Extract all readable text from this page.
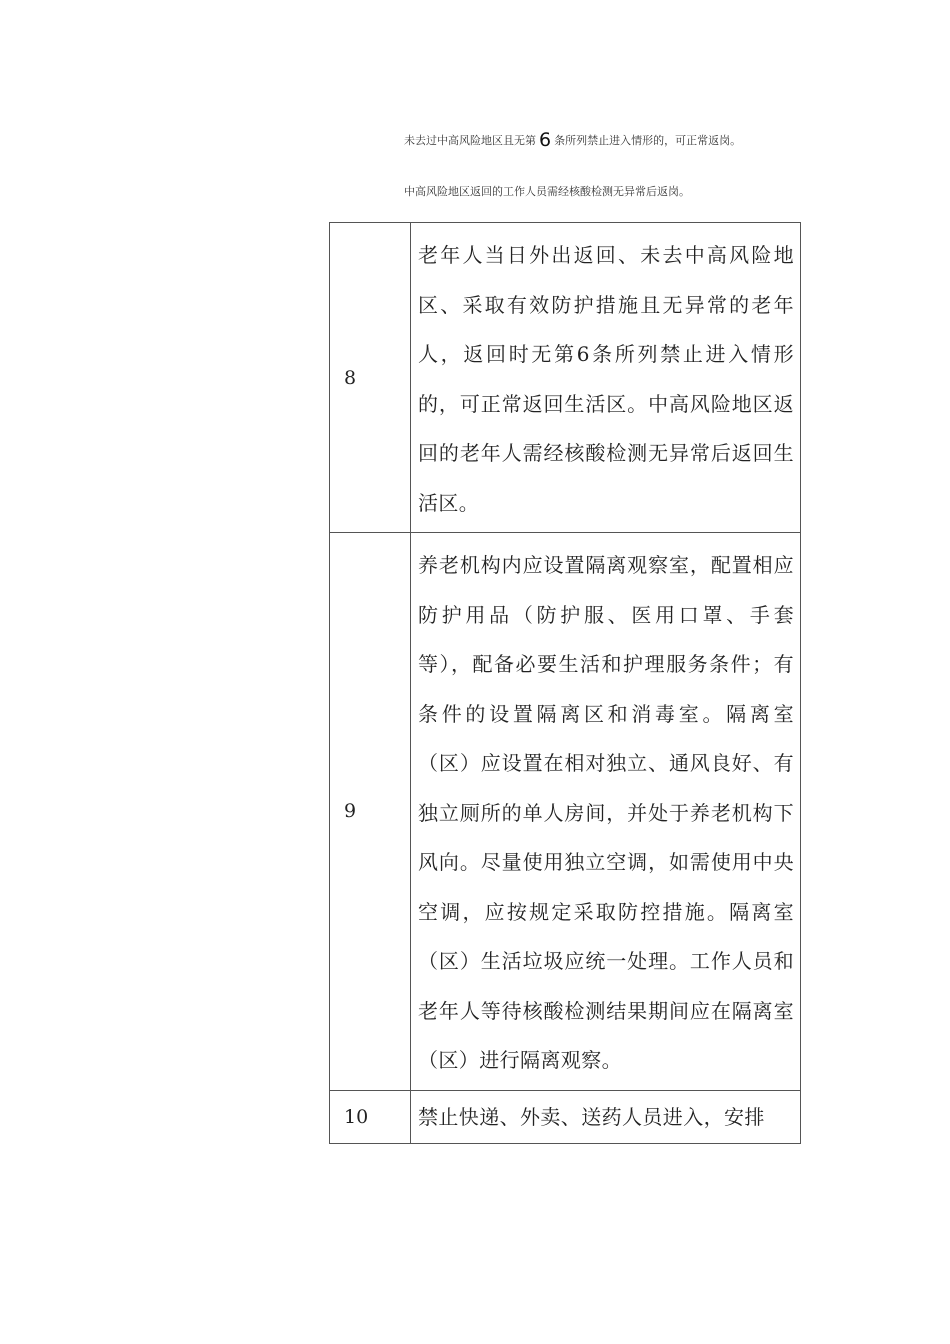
未去过中高风险地区且无第 6 条所列禁止进入情形的，可正常返岗。
中高风险地区返回的工作人员需经核酸检测无异常后返岗。
8	老年人当日外出返回、未去中高风险地区、采取有效防护措施且无异常的老年人，返回时无第6条所列禁止进入情形的，可正常返回生活区。中高风险地区返回的老年人需经核酸检测无异常后返回生活区。
9	养老机构内应设置隔离观察室，配置相应防护用品（防护服、医用口罩、手套等），配备必要生活和护理服务条件；有条件的设置隔离区和消毒室。隔离室（区）应设置在相对独立、通风良好、有独立厕所的单人房间，并处于养老机构下风向。尽量使用独立空调，如需使用中央空调，应按规定采取防控措施。隔离室（区）生活垃圾应统一处理。工作人员和老年人等待核酸检测结果期间应在隔离室（区）进行隔离观察。
10	禁止快递、外卖、送药人员进入，安排
